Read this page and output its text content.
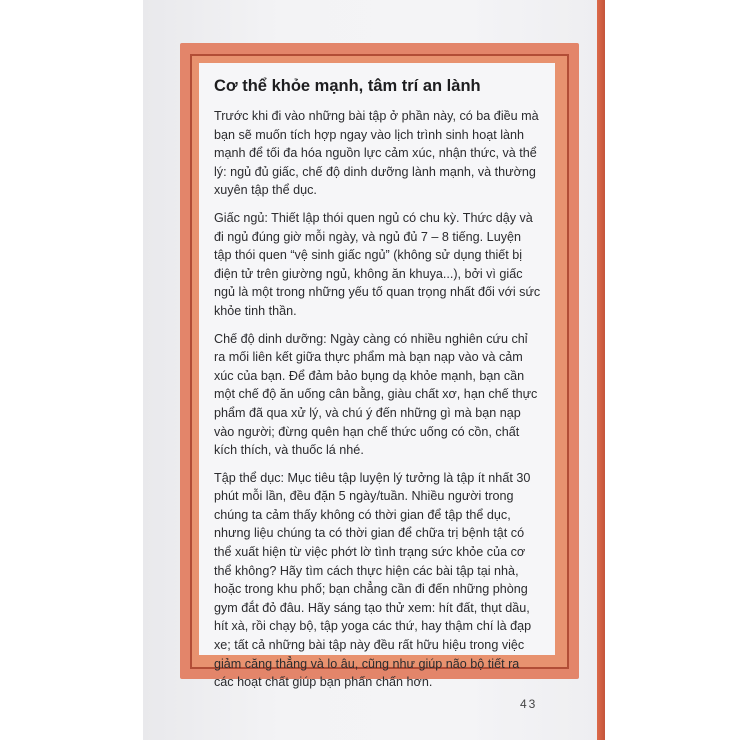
Cơ thể khỏe mạnh, tâm trí an lành

Trước khi đi vào những bài tập ở phần này, có ba điều mà bạn sẽ muốn tích hợp ngay vào lịch trình sinh hoạt lành mạnh để tối đa hóa nguồn lực cảm xúc, nhận thức, và thể lý: ngủ đủ giấc, chế độ dinh dưỡng lành mạnh, và thường xuyên tập thể dục.

Giấc ngủ: Thiết lập thói quen ngủ có chu kỳ. Thức dậy và đi ngủ đúng giờ mỗi ngày, và ngủ đủ 7 – 8 tiếng. Luyện tập thói quen “vệ sinh giấc ngủ” (không sử dụng thiết bị điện tử trên giường ngủ, không ăn khuya...), bởi vì giấc ngủ là một trong những yếu tố quan trọng nhất đối với sức khỏe tinh thần.

Chế độ dinh dưỡng: Ngày càng có nhiều nghiên cứu chỉ ra mối liên kết giữa thực phẩm mà bạn nạp vào và cảm xúc của bạn. Để đảm bảo bụng dạ khỏe mạnh, bạn cần một chế độ ăn uống cân bằng, giàu chất xơ, hạn chế thực phẩm đã qua xử lý, và chú ý đến những gì mà bạn nạp vào người; đừng quên hạn chế thức uống có cồn, chất kích thích, và thuốc lá nhé.

Tập thể dục: Mục tiêu tập luyện lý tưởng là tập ít nhất 30 phút mỗi lần, đều đặn 5 ngày/tuần. Nhiều người trong chúng ta cảm thấy không có thời gian để tập thể dục, nhưng liệu chúng ta có thời gian để chữa trị bệnh tật có thể xuất hiện từ việc phớt lờ tình trạng sức khỏe của cơ thể không? Hãy tìm cách thực hiện các bài tập tại nhà, hoặc trong khu phố; bạn chẳng cần đi đến những phòng gym đắt đỏ đâu. Hãy sáng tạo thử xem: hít đất, thụt dầu, hít xà, rồi chạy bộ, tập yoga các thứ, hay thậm chí là đạp xe; tất cả những bài tập này đều rất hữu hiệu trong việc giảm căng thẳng và lo âu, cũng như giúp não bộ tiết ra các hoạt chất giúp bạn phấn chấn hơn.

43
